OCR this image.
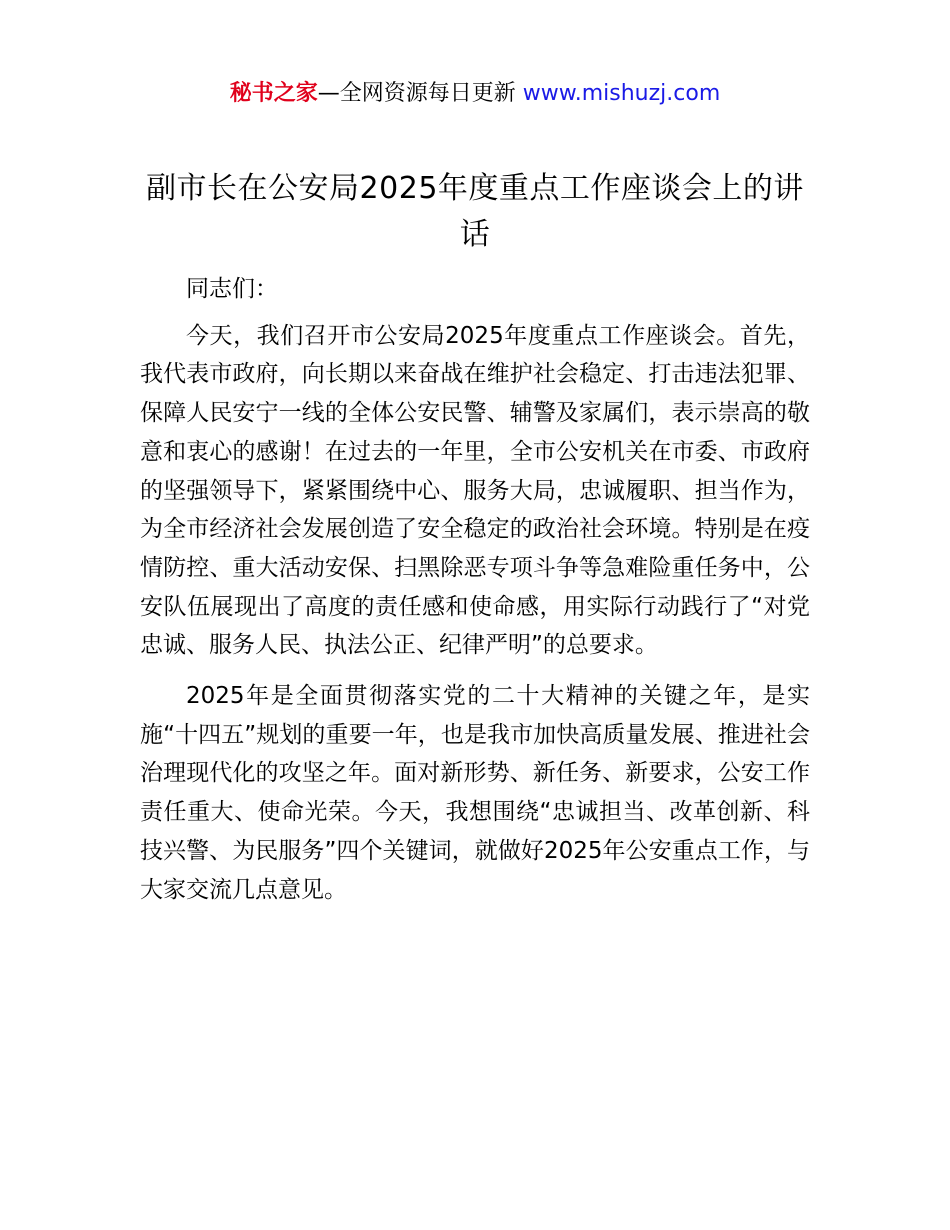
秘书之家—全网资源每日更新 www.mishuzj.com
副市长在公安局2025年度重点工作座谈会上的讲话

同志们：

今天，我们召开市公安局2025年度重点工作座谈会。首先，我代表市政府，向长期以来奋战在维护社会稳定、打击违法犯罪、保障人民安宁一线的全体公安民警、辅警及家属们，表示崇高的敬意和衷心的感谢！在过去的一年里，全市公安机关在市委、市政府的坚强领导下，紧紧围绕中心、服务大局，忠诚履职、担当作为，为全市经济社会发展创造了安全稳定的政治社会环境。特别是在疫情防控、重大活动安保、扫黑除恶专项斗争等急难险重任务中，公安队伍展现出了高度的责任感和使命感，用实际行动践行了“对党忠诚、服务人民、执法公正、纪律严明”的总要求。

2025年是全面贯彻落实党的二十大精神的关键之年，是实施“十四五”规划的重要一年，也是我市加快高质量发展、推进社会治理现代化的攻坚之年。面对新形势、新任务、新要求，公安工作责任重大、使命光荣。今天，我想围绕“忠诚担当、改革创新、科技兴警、为民服务”四个关键词，就做好2025年公安重点工作，与大家交流几点意见。
